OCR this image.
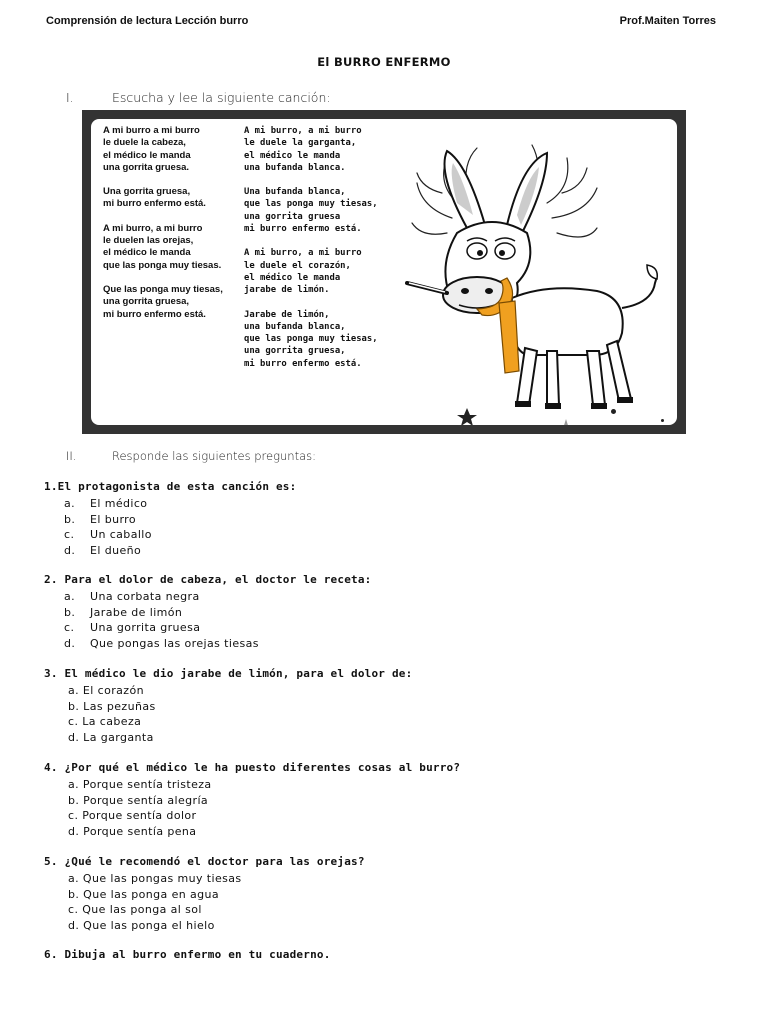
Comprensión de lectura Lección burro	Prof.Maiten Torres
El BURRO ENFERMO
I.	Escucha y lee la siguiente canción:
A mi burro a mi burro
le duele la cabeza,
el médico le manda
una gorrita gruesa.
Una gorrita gruesa,
mi burro enfermo está.
A mi burro, a mi burro
le duelen las orejas,
el médico le manda
que las ponga muy tiesas.
Que las ponga muy tiesas,
una gorrita gruesa,
mi burro enfermo está.
A mi burro, a mi burro
le duele la garganta,
el médico le manda
una bufanda blanca.
Una bufanda blanca,
que las ponga muy tiesas,
una gorrita gruesa
mi burro enfermo está.
A mi burro, a mi burro
le duele el corazón,
el médico le manda
jarabe de limón.
Jarabe de limón,
una bufanda blanca,
que las ponga muy tiesas,
una gorrita gruesa,
mi burro enfermo está.
II.	Responde las siguientes preguntas:
1.El protagonista de esta canción es:
a. El médico
b. El burro
c. Un caballo
d. El dueño
2. Para el dolor de cabeza, el doctor le receta:
a. Una corbata negra
b. Jarabe de limón
c. Una gorrita gruesa
d. Que pongas las orejas tiesas
3. El médico le dio jarabe de limón, para el dolor de:
a. El corazón
b. Las pezuñas
c. La cabeza
d. La garganta
4. ¿Por qué el médico le ha puesto diferentes cosas al burro?
a. Porque sentía tristeza
b. Porque sentía alegría
c. Porque sentía dolor
d. Porque sentía pena
5. ¿Qué le recomendó el doctor para las orejas?
a. Que las pongas muy tiesas
b. Que las ponga en agua
c. Que las ponga al sol
d. Que las ponga el hielo
6. Dibuja al burro enfermo en tu cuaderno.
